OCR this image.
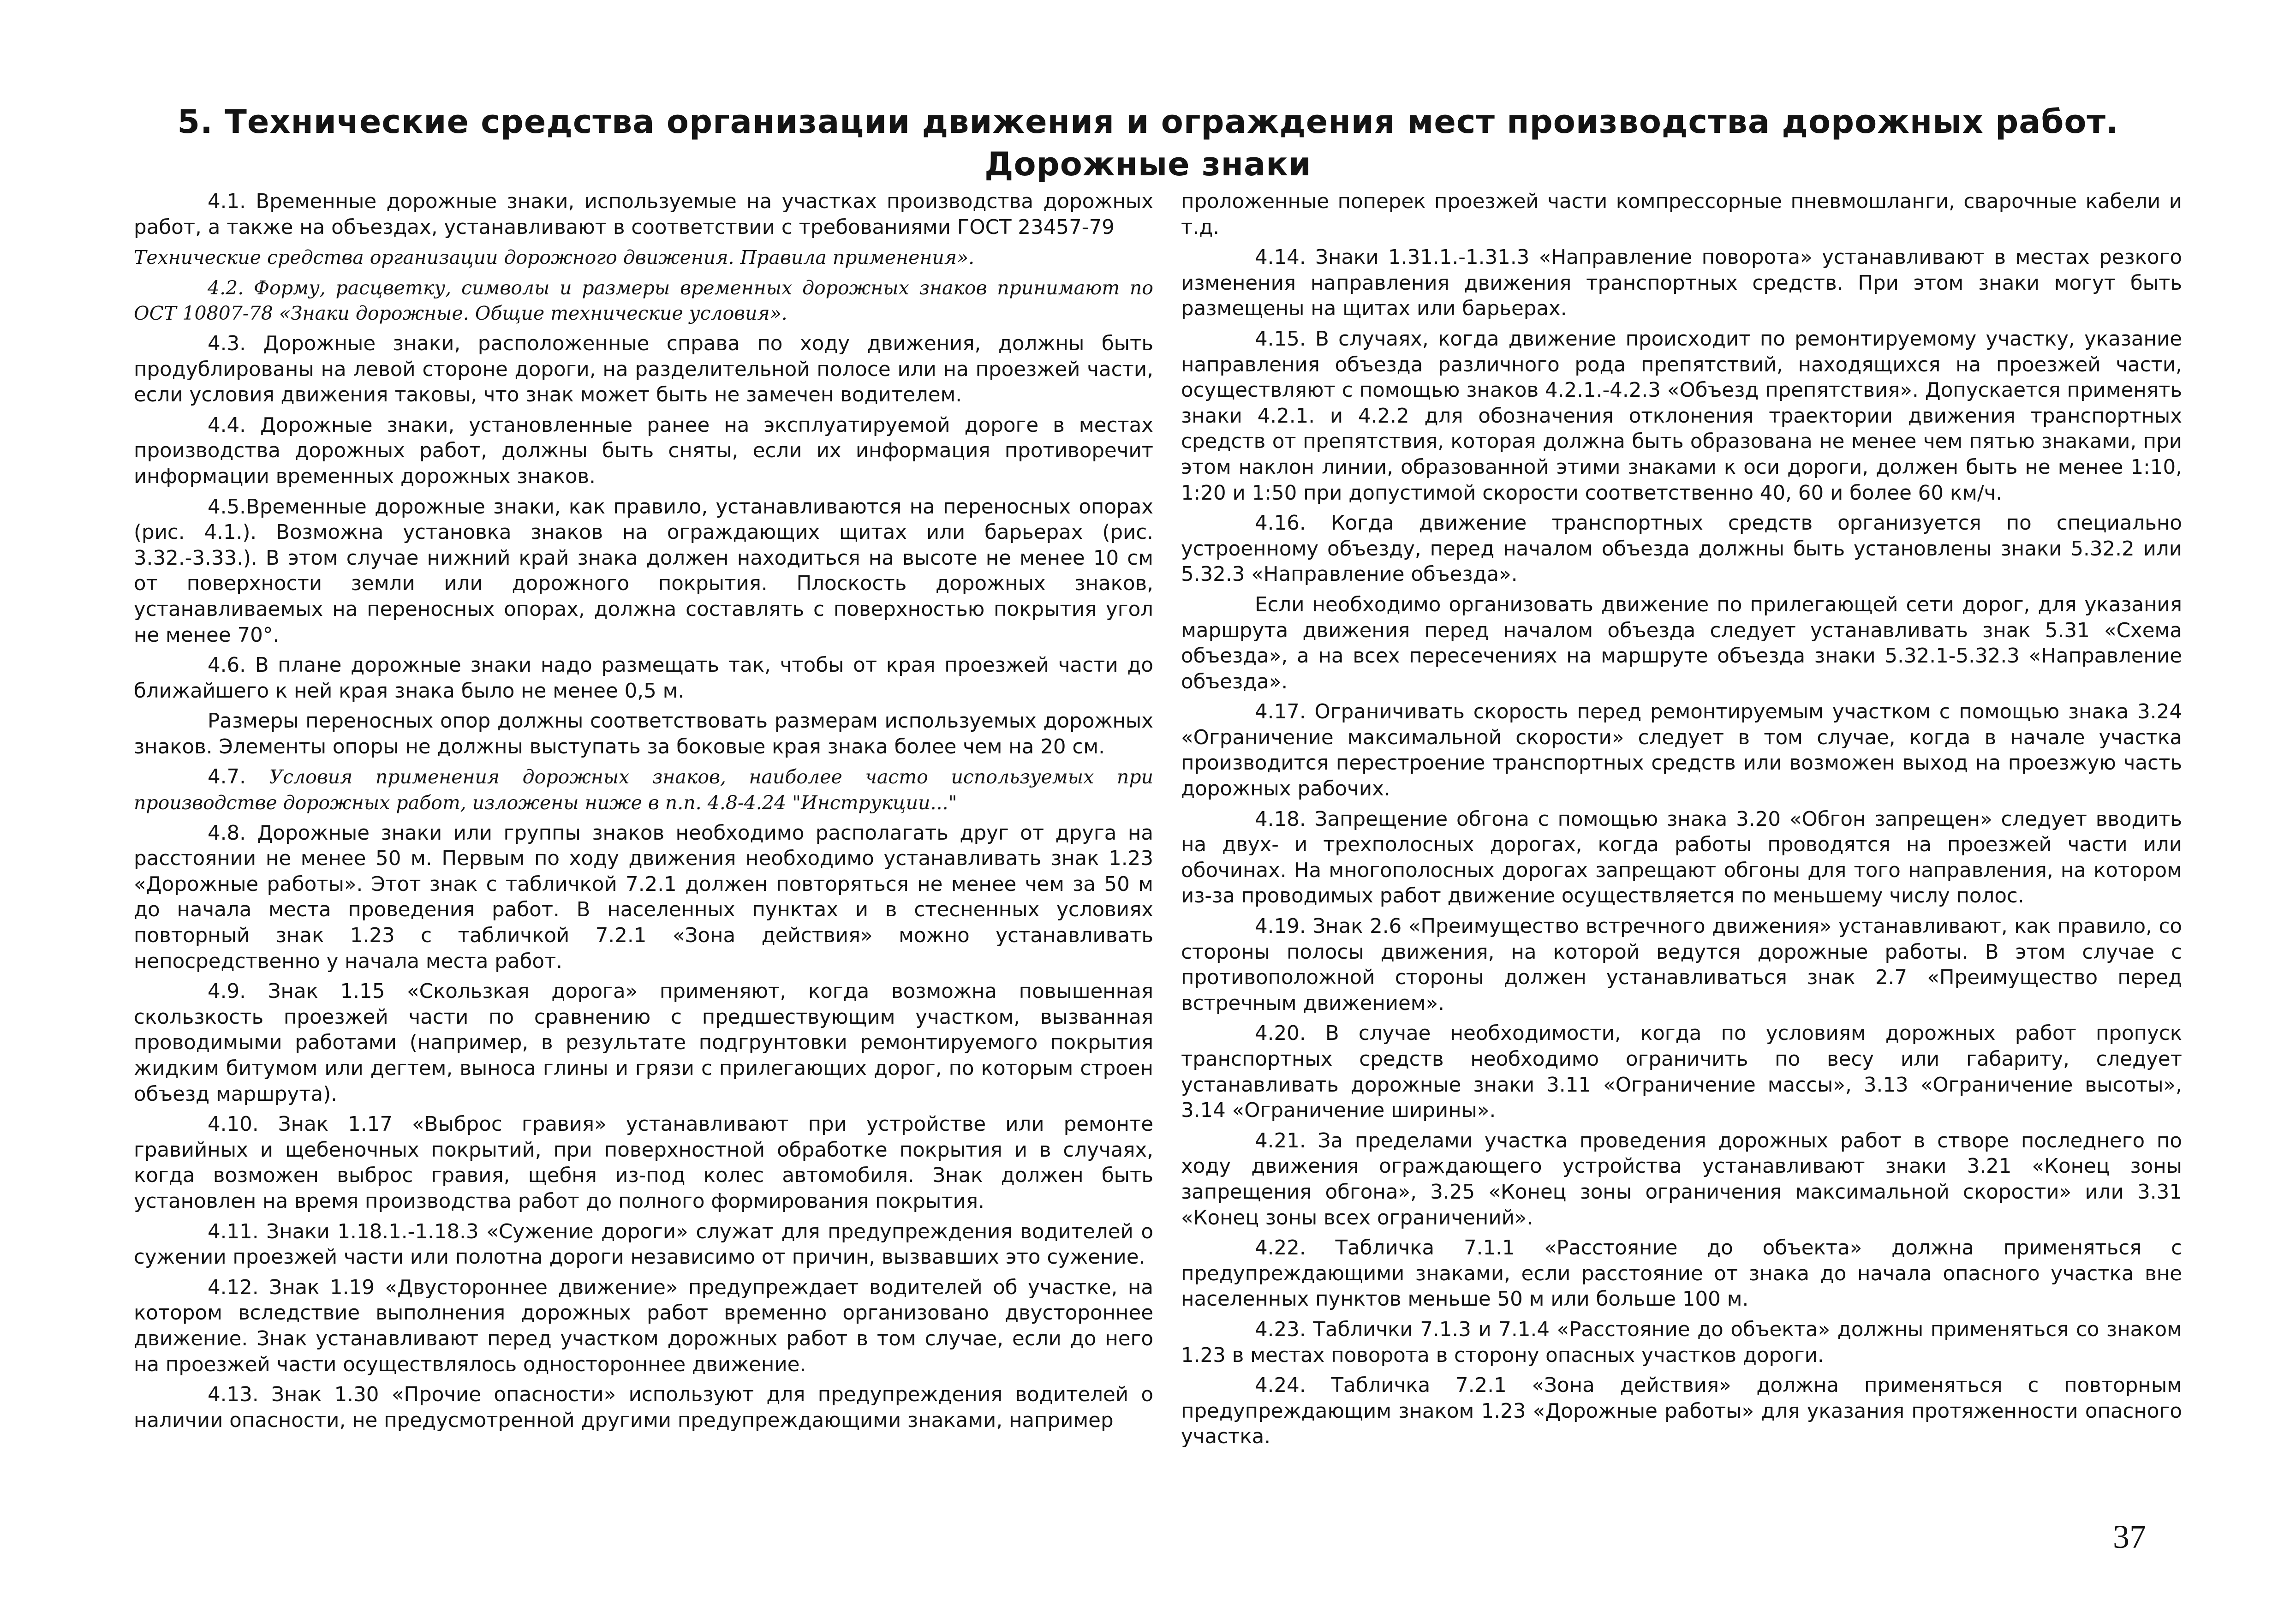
5. Технические средства организации движения и ограждения мест производства дорожных работ.
Дорожные знаки

4.1. Временные дорожные знаки, используемые на участках производства дорожных работ, а также на объездах, устанавливают в соответствии с требованиями ГОСТ 23457-79

Технические средства организации дорожного движения. Правила применения».

4.2. Форму, расцветку, символы и размеры временных дорожных знаков принимают по ОСТ 10807-78 «Знаки дорожные. Общие технические условия».

4.3. Дорожные знаки, расположенные справа по ходу движения, должны быть продублированы на левой стороне дороги, на разделительной полосе или на проезжей части, если условия движения таковы, что знак может быть не замечен водителем.

4.4. Дорожные знаки, установленные ранее на эксплуатируемой дороге в местах производства дорожных работ, должны быть сняты, если их информация противоречит информации временных дорожных знаков.

4.5.Временные дорожные знаки, как правило, устанавливаются на переносных опорах (рис. 4.1.). Возможна установка знаков на ограждающих щитах или барьерах (рис. 3.32.-3.33.). В этом случае нижний край знака должен находиться на высоте не менее 10 см от поверхности земли или дорожного покрытия. Плоскость дорожных знаков, устанавливаемых на переносных опорах, должна составлять с поверхностью покрытия угол не менее 70°.

4.6. В плане дорожные знаки надо размещать так, чтобы от края проезжей части до ближайшего к ней края знака было не менее 0,5 м.

Размеры переносных опор должны соответствовать размерам используемых дорожных знаков. Элементы опоры не должны выступать за боковые края знака более чем на 20 см.

4.7. Условия применения дорожных знаков, наиболее часто используемых при производстве дорожных работ, изложены ниже в п.п. 4.8-4.24 "Инструкции..."

4.8. Дорожные знаки или группы знаков необходимо располагать друг от друга на расстоянии не менее 50 м. Первым по ходу движения необходимо устанавливать знак 1.23 «Дорожные работы». Этот знак с табличкой 7.2.1 должен повторяться не менее чем за 50 м до начала места проведения работ. В населенных пунктах и в стесненных условиях повторный знак 1.23 с табличкой 7.2.1 «Зона действия» можно устанавливать непосредственно у начала места работ.

4.9. Знак 1.15 «Скользкая дорога» применяют, когда возможна повышенная скользкость проезжей части по сравнению с предшествующим участком, вызванная проводимыми работами (например, в результате подгрунтовки ремонтируемого покрытия жидким битумом или дегтем, выноса глины и грязи с прилегающих дорог, по которым строен объезд маршрута).

4.10. Знак 1.17 «Выброс гравия» устанавливают при устройстве или ремонте гравийных и щебеночных покрытий, при поверхностной обработке покрытия и в случаях, когда возможен выброс гравия, щебня из-под колес автомобиля. Знак должен быть установлен на время производства работ до полного формирования покрытия.

4.11. Знаки 1.18.1.-1.18.3 «Сужение дороги» служат для предупреждения водителей о сужении проезжей части или полотна дороги независимо от причин, вызвавших это сужение.

4.12. Знак 1.19 «Двустороннее движение» предупреждает водителей об участке, на котором вследствие выполнения дорожных работ временно организовано двустороннее движение. Знак устанавливают перед участком дорожных работ в том случае, если до него на проезжей части осуществлялось одностороннее движение.

4.13. Знак 1.30 «Прочие опасности» используют для предупреждения водителей о наличии опасности, не предусмотренной другими предупреждающими знаками, например

проложенные поперек проезжей части компрессорные пневмошланги, сварочные кабели и т.д.

4.14. Знаки 1.31.1.-1.31.3 «Направление поворота» устанавливают в местах резкого изменения направления движения транспортных средств. При этом знаки могут быть размещены на щитах или барьерах.

4.15. В случаях, когда движение происходит по ремонтируемому участку, указание направления объезда различного рода препятствий, находящихся на проезжей части, осуществляют с помощью знаков 4.2.1.-4.2.3 «Объезд препятствия». Допускается применять знаки 4.2.1. и 4.2.2 для обозначения отклонения траектории движения транспортных средств от препятствия, которая должна быть образована не менее чем пятью знаками, при этом наклон линии, образованной этими знаками к оси дороги, должен быть не менее 1:10, 1:20 и 1:50 при допустимой скорости соответственно 40, 60 и более 60 км/ч.

4.16. Когда движение транспортных средств организуется по специально устроенному объезду, перед началом объезда должны быть установлены знаки 5.32.2 или 5.32.3 «Направление объезда».

Если необходимо организовать движение по прилегающей сети дорог, для указания маршрута движения перед началом объезда следует устанавливать знак 5.31 «Схема объезда», а на всех пересечениях на маршруте объезда знаки 5.32.1-5.32.3 «Направление объезда».

4.17. Ограничивать скорость перед ремонтируемым участком с помощью знака 3.24 «Ограничение максимальной скорости» следует в том случае, когда в начале участка производится перестроение транспортных средств или возможен выход на проезжую часть дорожных рабочих.

4.18. Запрещение обгона с помощью знака 3.20 «Обгон запрещен» следует вводить на двух- и трехполосных дорогах, когда работы проводятся на проезжей части или обочинах. На многополосных дорогах запрещают обгоны для того направления, на котором из-за проводимых работ движение осуществляется по меньшему числу полос.

4.19. Знак 2.6 «Преимущество встречного движения» устанавливают, как правило, со стороны полосы движения, на которой ведутся дорожные работы. В этом случае с противоположной стороны должен устанавливаться знак 2.7 «Преимущество перед встречным движением».

4.20. В случае необходимости, когда по условиям дорожных работ пропуск транспортных средств необходимо ограничить по весу или габариту, следует устанавливать дорожные знаки 3.11 «Ограничение массы», 3.13 «Ограничение высоты», 3.14 «Ограничение ширины».

4.21. За пределами участка проведения дорожных работ в створе последнего по ходу движения ограждающего устройства устанавливают знаки 3.21 «Конец зоны запрещения обгона», 3.25 «Конец зоны ограничения максимальной скорости» или 3.31 «Конец зоны всех ограничений».

4.22. Табличка 7.1.1 «Расстояние до объекта» должна применяться с предупреждающими знаками, если расстояние от знака до начала опасного участка вне населенных пунктов меньше 50 м или больше 100 м.

4.23. Таблички 7.1.3 и 7.1.4 «Расстояние до объекта» должны применяться со знаком 1.23 в местах поворота в сторону опасных участков дороги.

4.24. Табличка 7.2.1 «Зона действия» должна применяться с повторным предупреждающим знаком 1.23 «Дорожные работы» для указания протяженности опасного участка.

37
